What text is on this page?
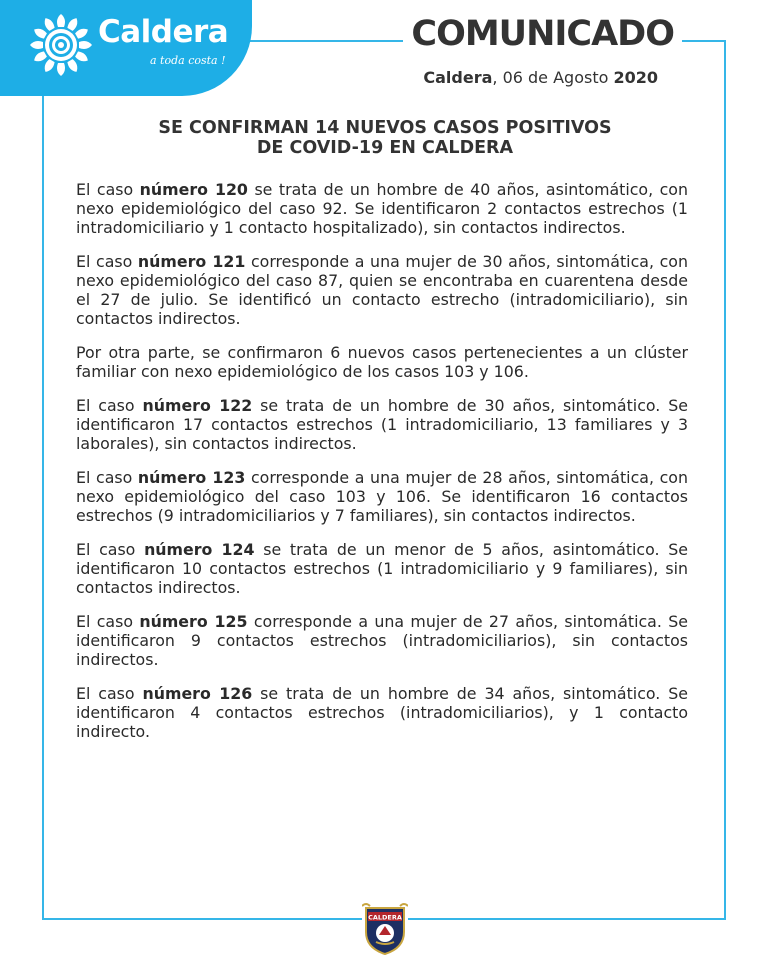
Caldera
a toda costa !
COMUNICADO
Caldera, 06 de Agosto 2020
SE CONFIRMAN 14 NUEVOS CASOS POSITIVOS
DE COVID-19 EN CALDERA

El caso número 120 se trata de un hombre de 40 años, asintomático, con nexo epidemiológico del caso 92. Se identificaron 2 contactos estrechos (1 intradomiciliario y 1 contacto hospitalizado), sin contactos indirectos.

El caso número 121 corresponde a una mujer de 30 años, sintomática, con nexo epidemiológico del caso 87, quien se encontraba en cuarentena desde el 27 de julio. Se identificó un contacto estrecho (intradomiciliario), sin contactos indirectos.

Por otra parte, se confirmaron 6 nuevos casos pertenecientes a un clúster familiar con nexo epidemiológico de los casos 103 y 106.

El caso número 122 se trata de un hombre de 30 años, sintomático. Se identificaron 17 contactos estrechos (1 intradomiciliario, 13 familiares y 3 laborales), sin contactos indirectos.

El caso número 123 corresponde a una mujer de 28 años, sintomática, con nexo epidemiológico del caso 103 y 106. Se identificaron 16 contactos estrechos (9 intradomiciliarios y 7 familiares), sin contactos indirectos.

El caso número 124 se trata de un menor de 5 años, asintomático. Se identificaron 10 contactos estrechos (1 intradomiciliario y 9 familiares), sin contactos indirectos.

El caso número 125 corresponde a una mujer de 27 años, sintomática. Se identificaron 9 contactos estrechos (intradomiciliarios), sin contactos indirectos.

El caso número 126 se trata de un hombre de 34 años, sintomático. Se identificaron 4 contactos estrechos (intradomiciliarios), y 1 contacto indirecto.

CALDERA
